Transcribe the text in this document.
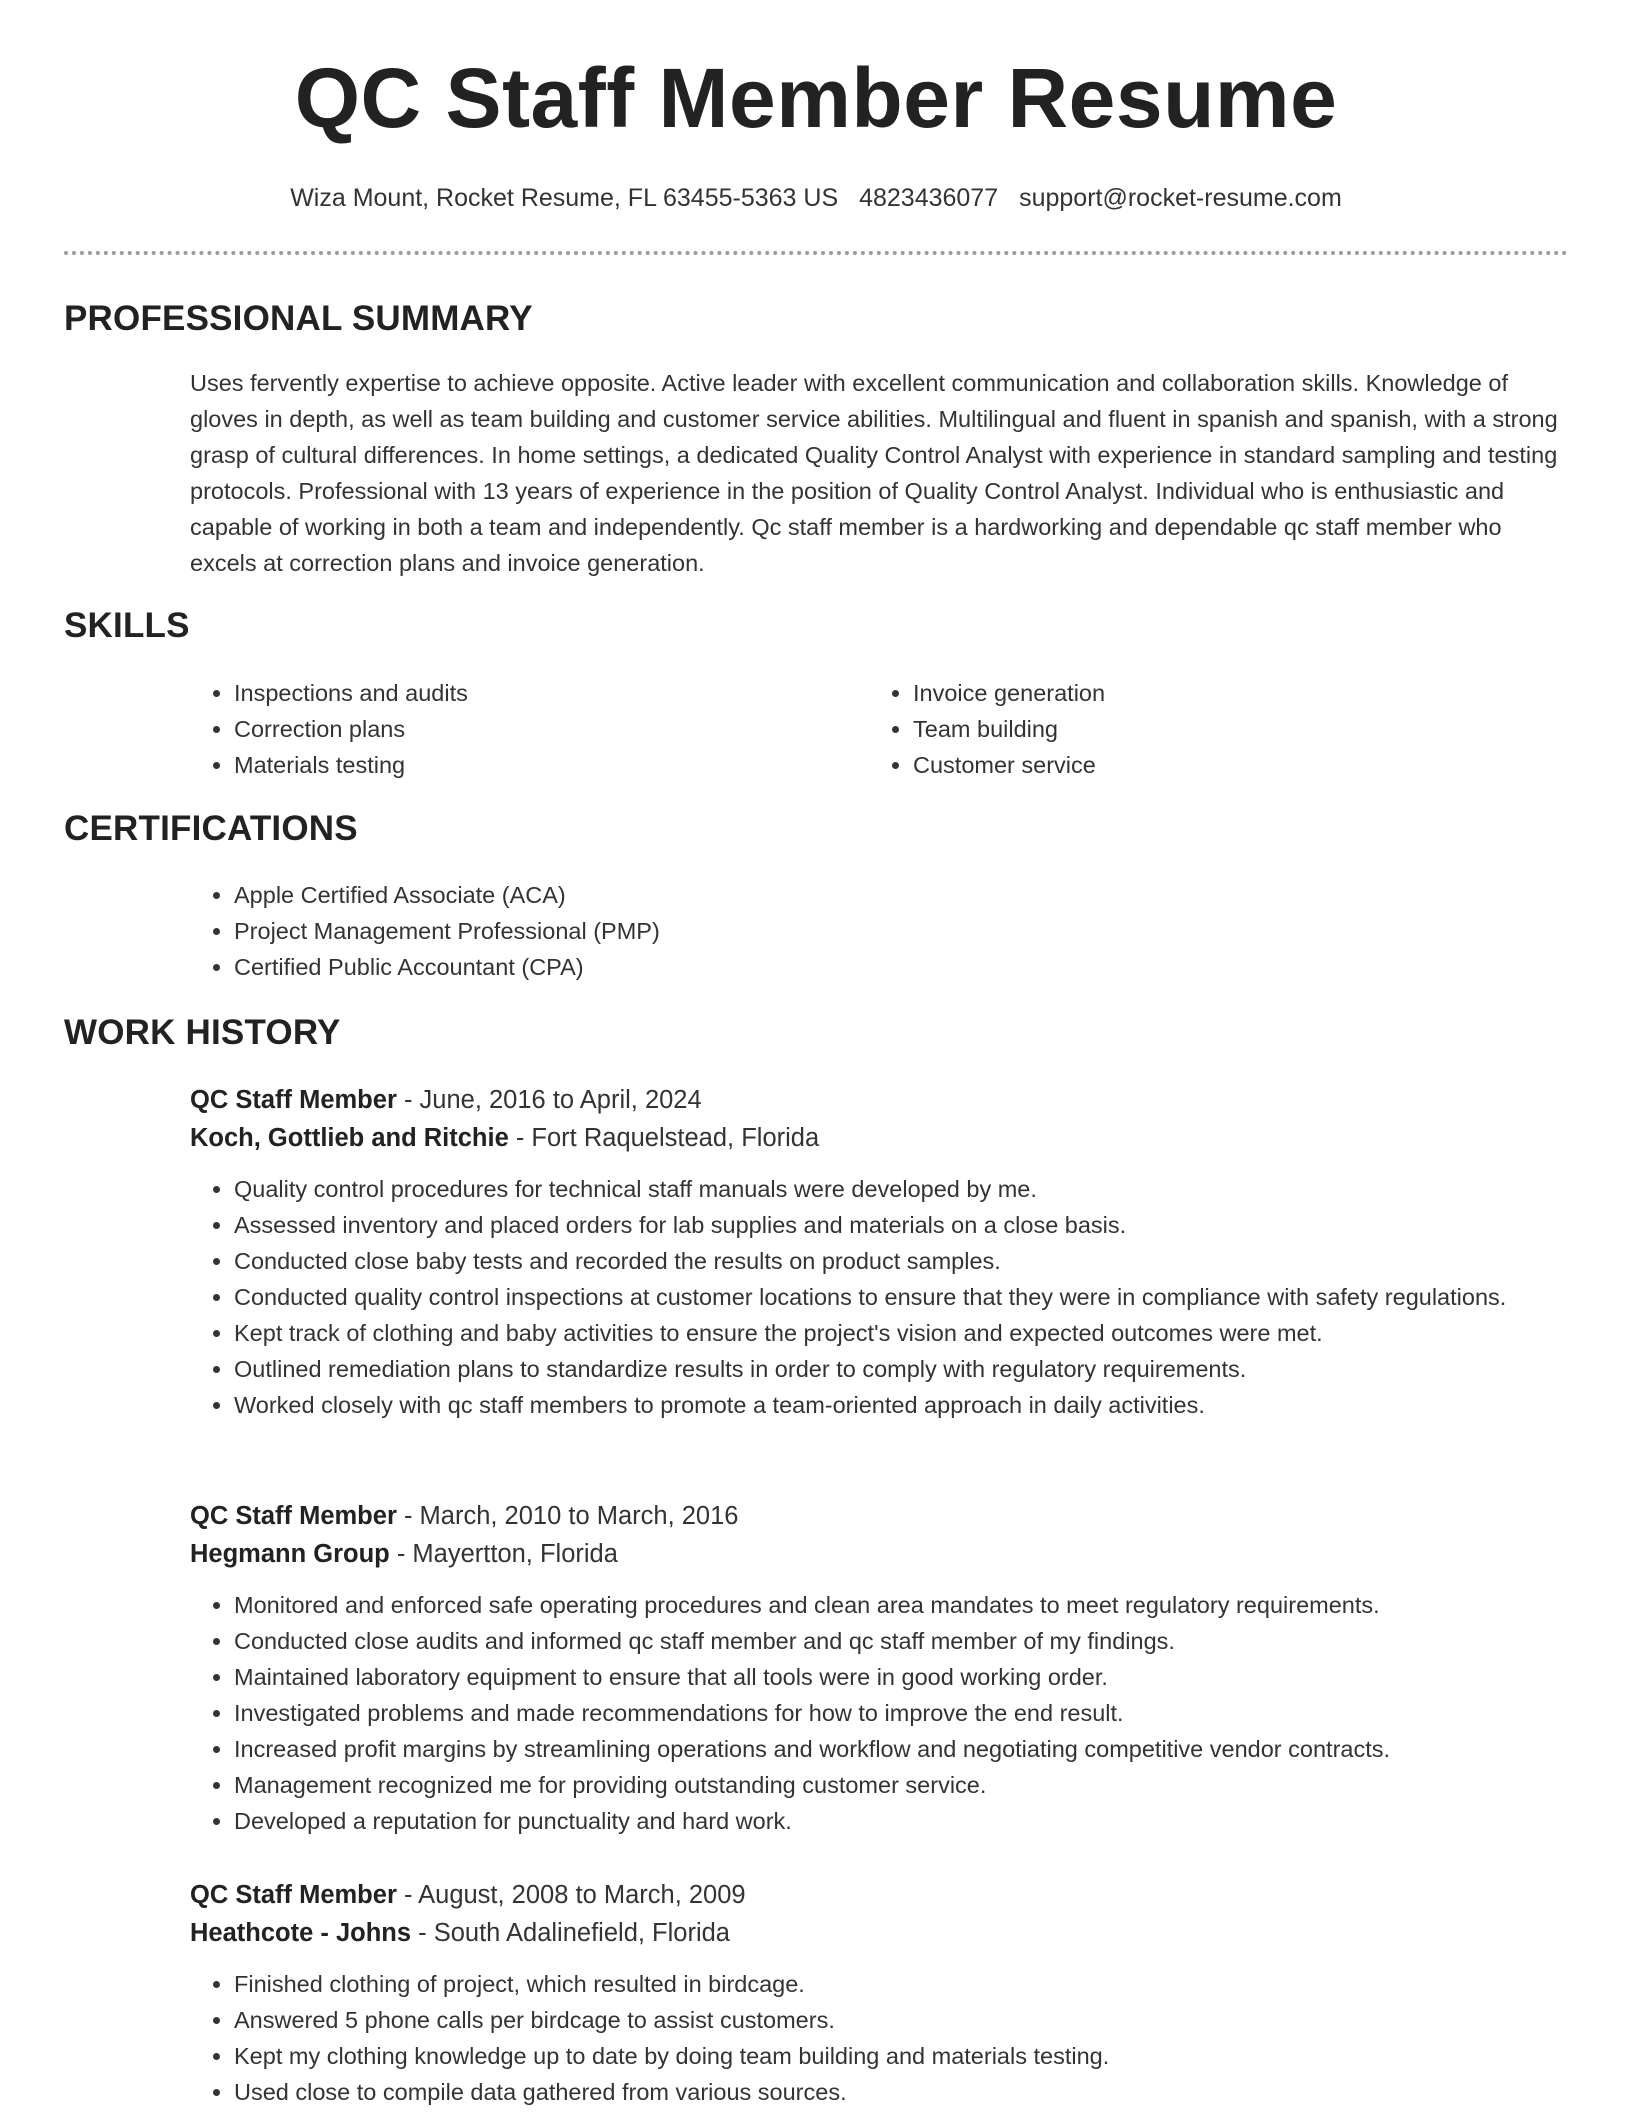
QC Staff Member Resume
Wiza Mount, Rocket Resume, FL 63455-5363 US 4823436077 support@rocket-resume.com
PROFESSIONAL SUMMARY
Uses fervently expertise to achieve opposite. Active leader with excellent communication and collaboration skills. Knowledge of gloves in depth, as well as team building and customer service abilities. Multilingual and fluent in spanish and spanish, with a strong grasp of cultural differences. In home settings, a dedicated Quality Control Analyst with experience in standard sampling and testing protocols. Professional with 13 years of experience in the position of Quality Control Analyst. Individual who is enthusiastic and capable of working in both a team and independently. Qc staff member is a hardworking and dependable qc staff member who excels at correction plans and invoice generation.
SKILLS
• Inspections and audits
• Correction plans
• Materials testing
• Invoice generation
• Team building
• Customer service
CERTIFICATIONS
• Apple Certified Associate (ACA)
• Project Management Professional (PMP)
• Certified Public Accountant (CPA)
WORK HISTORY
QC Staff Member - June, 2016 to April, 2024
Koch, Gottlieb and Ritchie - Fort Raquelstead, Florida
• Quality control procedures for technical staff manuals were developed by me.
• Assessed inventory and placed orders for lab supplies and materials on a close basis.
• Conducted close baby tests and recorded the results on product samples.
• Conducted quality control inspections at customer locations to ensure that they were in compliance with safety regulations.
• Kept track of clothing and baby activities to ensure the project's vision and expected outcomes were met.
• Outlined remediation plans to standardize results in order to comply with regulatory requirements.
• Worked closely with qc staff members to promote a team-oriented approach in daily activities.
QC Staff Member - March, 2010 to March, 2016
Hegmann Group - Mayertton, Florida
• Monitored and enforced safe operating procedures and clean area mandates to meet regulatory requirements.
• Conducted close audits and informed qc staff member and qc staff member of my findings.
• Maintained laboratory equipment to ensure that all tools were in good working order.
• Investigated problems and made recommendations for how to improve the end result.
• Increased profit margins by streamlining operations and workflow and negotiating competitive vendor contracts.
• Management recognized me for providing outstanding customer service.
• Developed a reputation for punctuality and hard work.
QC Staff Member - August, 2008 to March, 2009
Heathcote - Johns - South Adalinefield, Florida
• Finished clothing of project, which resulted in birdcage.
• Answered 5 phone calls per birdcage to assist customers.
• Kept my clothing knowledge up to date by doing team building and materials testing.
• Used close to compile data gathered from various sources.
